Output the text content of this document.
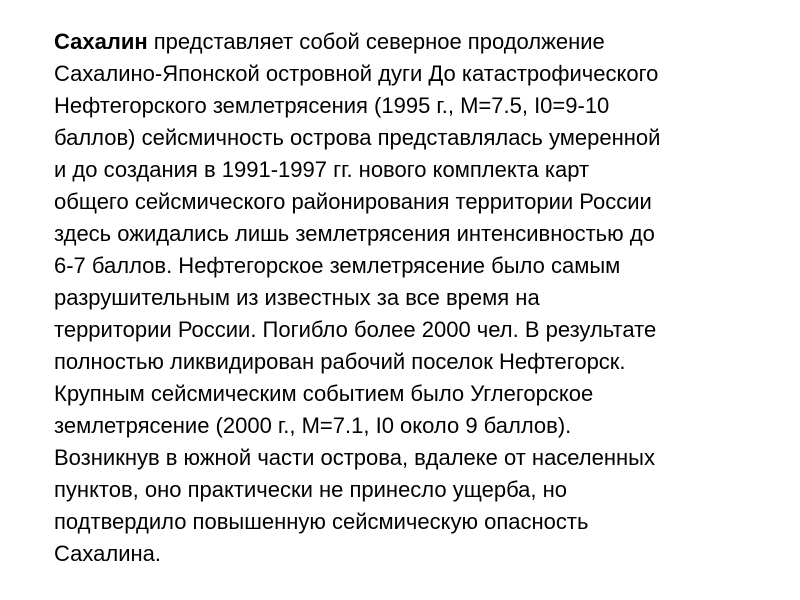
Сахалин представляет собой северное продолжение
Сахалино-Японской островной дуги До катастрофического
Нефтегорского землетрясения (1995 г., М=7.5, I0=9-10
баллов) сейсмичность острова представлялась умеренной
и до создания в 1991-1997 гг. нового комплекта карт
общего сейсмического районирования территории России
здесь ожидались лишь землетрясения интенсивностью до
6-7 баллов. Нефтегорское землетрясение было самым
разрушительным из известных за все время на
территории России. Погибло более 2000 чел. В результате
полностью ликвидирован рабочий поселок Нефтегорск.
Крупным сейсмическим событием было Углегорское
землетрясение (2000 г., М=7.1, I0 около 9 баллов).
Возникнув в южной части острова, вдалеке от населенных
пунктов, оно практически не принесло ущерба, но
подтвердило повышенную сейсмическую опасность
Сахалина.
